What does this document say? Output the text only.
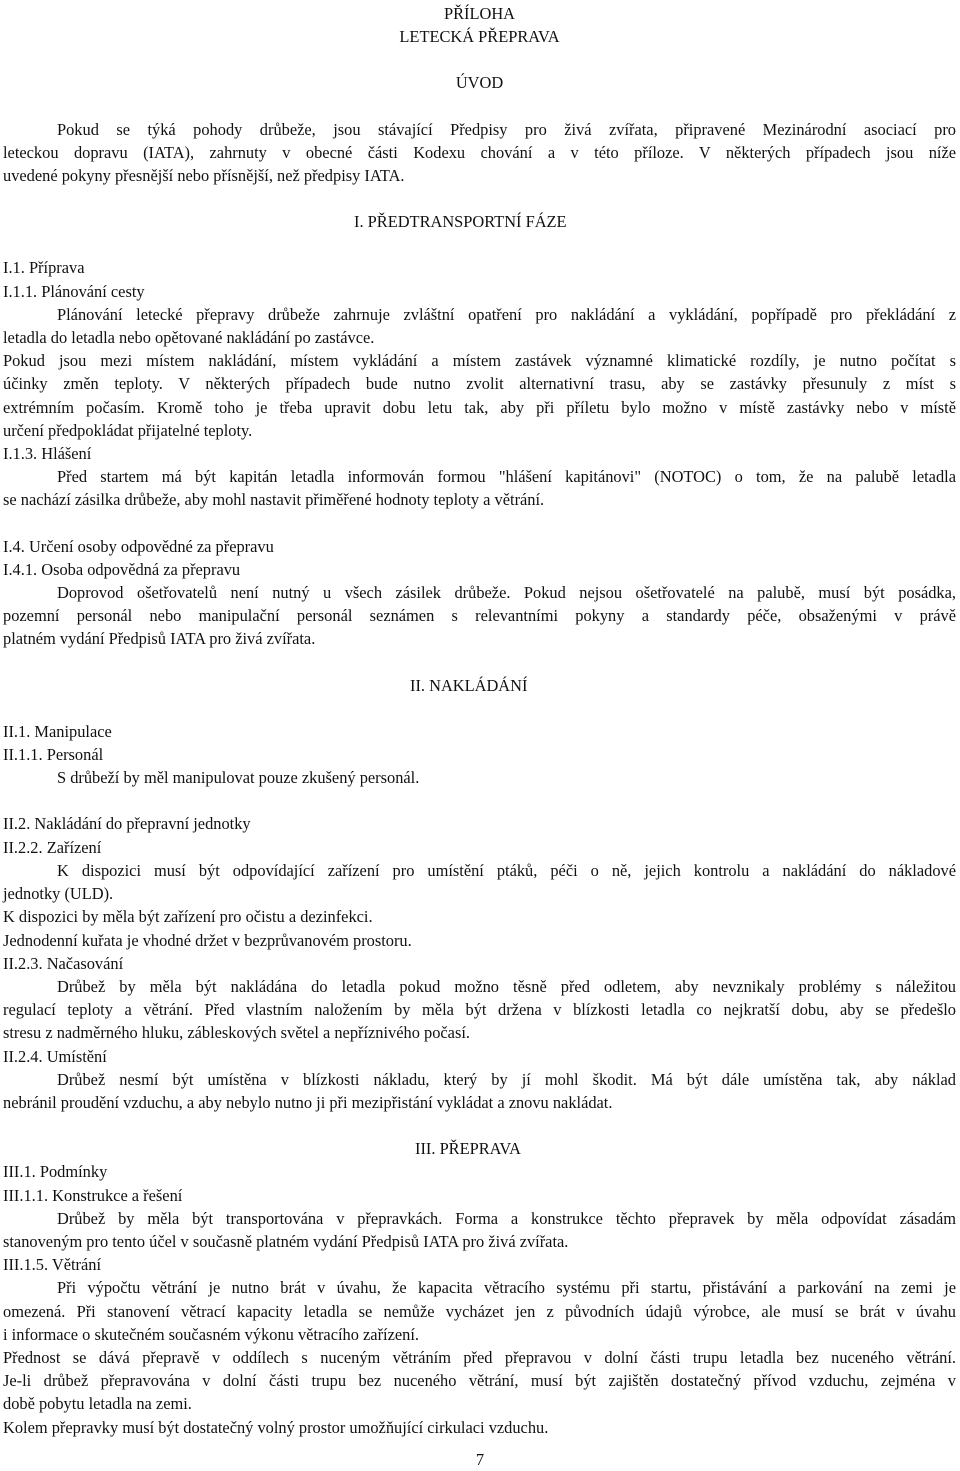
PŘÍLOHA
LETECKÁ PŘEPRAVA
ÚVOD
Pokud se týká pohody drůbeže, jsou stávající Předpisy pro živá zvířata, připravené Mezinárodní asociací pro
leteckou dopravu (IATA), zahrnuty v obecné části Kodexu chování a v této příloze. V některých případech jsou níže
uvedené pokyny přesnější nebo přísnější, než předpisy IATA.
I. PŘEDTRANSPORTNÍ FÁZE
I.1. Příprava
I.1.1. Plánování cesty
Plánování letecké přepravy drůbeže zahrnuje zvláštní opatření pro nakládání a vykládání, popřípadě pro překládání z
letadla do letadla nebo opětované nakládání po zastávce.
Pokud jsou mezi místem nakládání, místem vykládání a místem zastávek významné klimatické rozdíly, je nutno počítat s
účinky změn teploty. V některých případech bude nutno zvolit alternativní trasu, aby se zastávky přesunuly z míst s
extrémním počasím. Kromě toho je třeba upravit dobu letu tak, aby při příletu bylo možno v místě zastávky nebo v místě
určení předpokládat přijatelné teploty.
I.1.3. Hlášení
Před startem má být kapitán letadla informován formou "hlášení kapitánovi" (NOTOC) o tom, že na palubě letadla
se nachází zásilka drůbeže, aby mohl nastavit přiměřené hodnoty teploty a větrání.
I.4. Určení osoby odpovědné za přepravu
I.4.1. Osoba odpovědná za přepravu
Doprovod ošetřovatelů není nutný u všech zásilek drůbeže. Pokud nejsou ošetřovatelé na palubě, musí být posádka,
pozemní personál nebo manipulační personál seznámen s relevantními pokyny a standardy péče, obsaženými v právě
platném vydání Předpisů IATA pro živá zvířata.
II. NAKLÁDÁNÍ
II.1. Manipulace
II.1.1. Personál
S drůbeží by měl manipulovat pouze zkušený personál.
II.2. Nakládání do přepravní jednotky
II.2.2. Zařízení
K dispozici musí být odpovídající zařízení pro umístění ptáků, péči o ně, jejich kontrolu a nakládání do nákladové
jednotky (ULD).
K dispozici by měla být zařízení pro očistu a dezinfekci.
Jednodenní kuřata je vhodné držet v bezprůvanovém prostoru.
II.2.3. Načasování
Drůbež by měla být nakládána do letadla pokud možno těsně před odletem, aby nevznikaly problémy s náležitou
regulací teploty a větrání. Před vlastním naložením by měla být držena v blízkosti letadla co nejkratší dobu, aby se předešlo
stresu z nadměrného hluku, zábleskových světel a nepříznivého počasí.
II.2.4. Umístění
Drůbež nesmí být umístěna v blízkosti nákladu, který by jí mohl škodit. Má být dále umístěna tak, aby náklad
nebránil proudění vzduchu, a aby nebylo nutno ji při mezipřistání vykládat a znovu nakládat.
III. PŘEPRAVA
III.1. Podmínky
III.1.1. Konstrukce a řešení
Drůbež by měla být transportována v přepravkách. Forma a konstrukce těchto přepravek by měla odpovídat zásadám
stanoveným pro tento účel v současně platném vydání Předpisů IATA pro živá zvířata.
III.1.5. Větrání
Při výpočtu větrání je nutno brát v úvahu, že kapacita větracího systému při startu, přistávání a parkování na zemi je
omezená. Při stanovení větrací kapacity letadla se nemůže vycházet jen z původních údajů výrobce, ale musí se brát v úvahu
i informace o skutečném současném výkonu větracího zařízení.
Přednost se dává přepravě v oddílech s nuceným větráním před přepravou v dolní části trupu letadla bez nuceného větrání.
Je-li drůbež přepravována v dolní části trupu bez nuceného větrání, musí být zajištěn dostatečný přívod vzduchu, zejména v
době pobytu letadla na zemi.
Kolem přepravky musí být dostatečný volný prostor umožňující cirkulaci vzduchu.
7
